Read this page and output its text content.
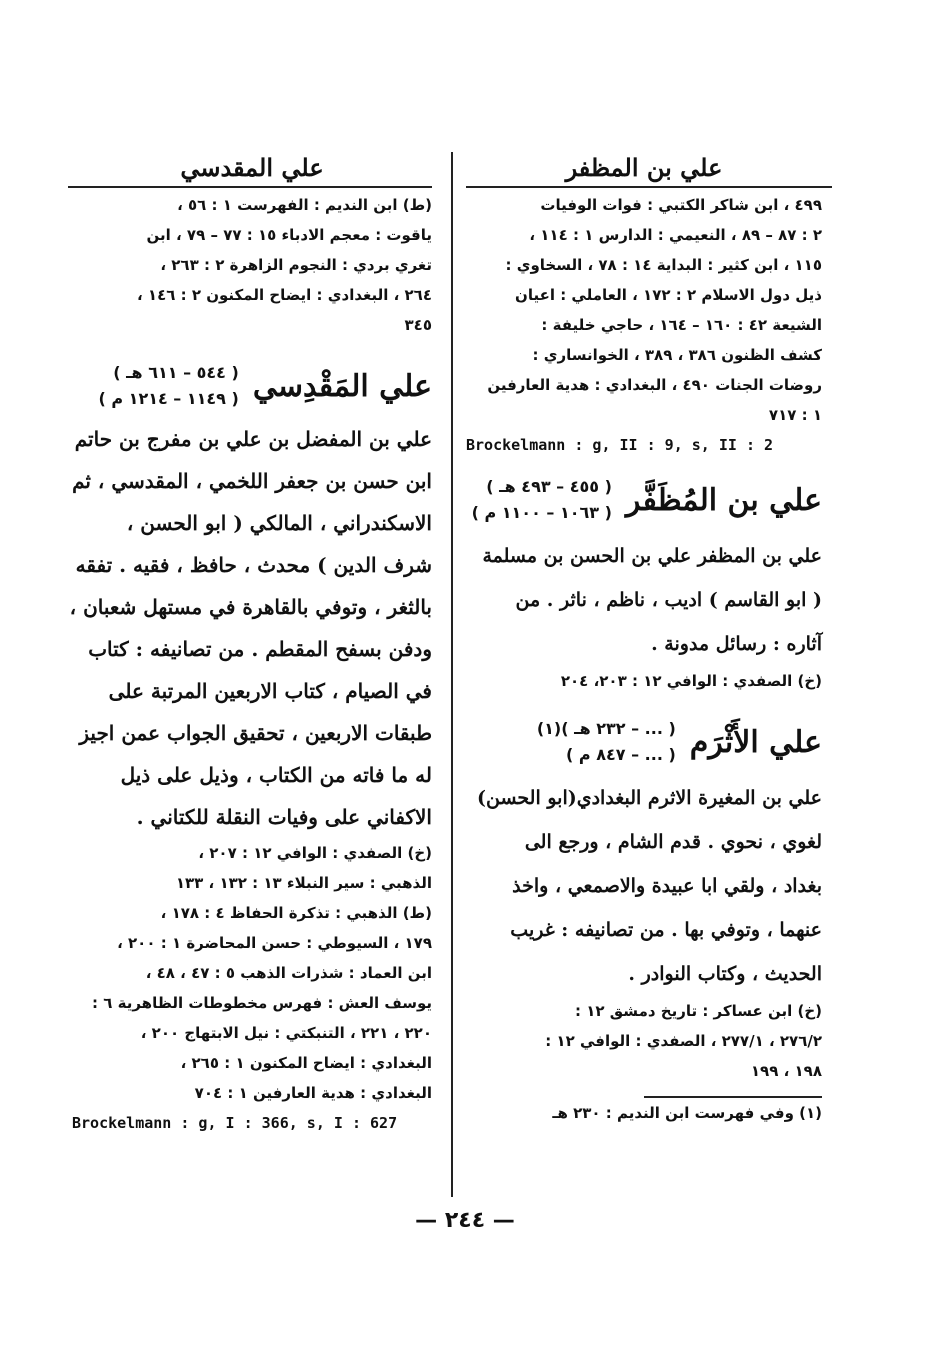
علي بن المظفر

٤٩٩ ، ابن شاكر الكتبي : فوات الوفيات

٢ : ٨٧ – ٨٩ ، النعيمي : الدارس ١ : ١١٤ ،

١١٥ ، ابن كثير : البداية ١٤ : ٧٨ ، السخاوي :

ذيل دول الاسلام ٢ : ١٧٢ ، العاملي : اعيان

الشيعة ٤٢ : ١٦٠ – ١٦٤ ، حاجي خليفة :

كشف الظنون ٣٨٦ ، ٣٨٩ ، الخوانساري :

روضات الجنات ٤٩٠ ، البغدادي : هدية العارفين

١ : ٧١٧

Brockelmann : g, II : 9, s, II : 2
علي بن المُظَفَّر
( ٤٥٥ – ٤٩٣ هـ )
( ١٠٦٣ – ١١٠٠ م )

علي بن المظفر علي بن الحسن بن مسلمة

( ابو القاسم ) اديب ، ناظم ، ناثر . من

آثاره : رسائل مدونة .

(خ) الصفدي : الوافي ١٢ : ٢٠٣، ٢٠٤

علي الأَثْرَم
( ... – ٢٣٢ هـ )(١)
( ... – ٨٤٧ م )

علي بن المغيرة الاثرم البغدادي(ابو الحسن)

لغوي ، نحوي . قدم الشام ، ورجع الى

بغداد ، ولقي ابا عبيدة والاصمعي ، واخذ

عنهما ، وتوفي بها . من تصانيفه : غريب

الحديث ، وكتاب النوادر .

(خ) ابن عساكر : تاريخ دمشق ١٢ :

٢٧٦/٢ ، ٢٧٧/١ ، الصفدي : الوافي ١٢ :

١٩٨ ، ١٩٩

(١) وفي فهرست ابن النديم : ٢٣٠ هـ
علي المقدسي

(ط) ابن النديم : الفهرست ١ : ٥٦ ،

ياقوت : معجم الادباء ١٥ : ٧٧ – ٧٩ ، ابن

تغري بردي : النجوم الزاهرة ٢ : ٢٦٣ ،

٢٦٤ ، البغدادي : ايضاح المكنون ٢ : ١٤٦ ،

٣٤٥

علي المَقْدِسي
( ٥٤٤ – ٦١١ هـ )
( ١١٤٩ – ١٢١٤ م )

علي بن المفضل بن علي بن مفرج بن حاتم

ابن حسن بن جعفر اللخمي ، المقدسي ، ثم

الاسكندراني ، المالكي ( ابو الحسن ،

شرف الدين ) محدث ، حافظ ، فقيه . تفقه

بالثغر ، وتوفي بالقاهرة في مستهل شعبان ،

ودفن بسفح المقطم . من تصانيفه : كتاب

في الصيام ، كتاب الاربعين المرتبة على

طبقات الاربعين ، تحقيق الجواب عمن اجيز

له ما فاته من الكتاب ، وذيل على ذيل

الاكفاني على وفيات النقلة للكتاني .

(خ) الصفدي : الوافي ١٢ : ٢٠٧ ،

الذهبي : سير النبلاء ١٣ : ١٣٢ ، ١٣٣

(ط) الذهبي : تذكرة الحفاظ ٤ : ١٧٨ ،

١٧٩ ، السيوطي : حسن المحاضرة ١ : ٢٠٠ ،

ابن العماد : شذرات الذهب ٥ : ٤٧ ، ٤٨ ،

يوسف العش : فهرس مخطوطات الظاهرية ٦ :

٢٢٠ ، ٢٢١ ، التنبكتي : نيل الابتهاج ٢٠٠ ،

البغدادي : ايضاح المكنون ١ : ٢٦٥ ،

البغدادي : هدية العارفين ١ : ٧٠٤

Brockelmann : g, I : 366, s, I : 627
— ٢٤٤ —
